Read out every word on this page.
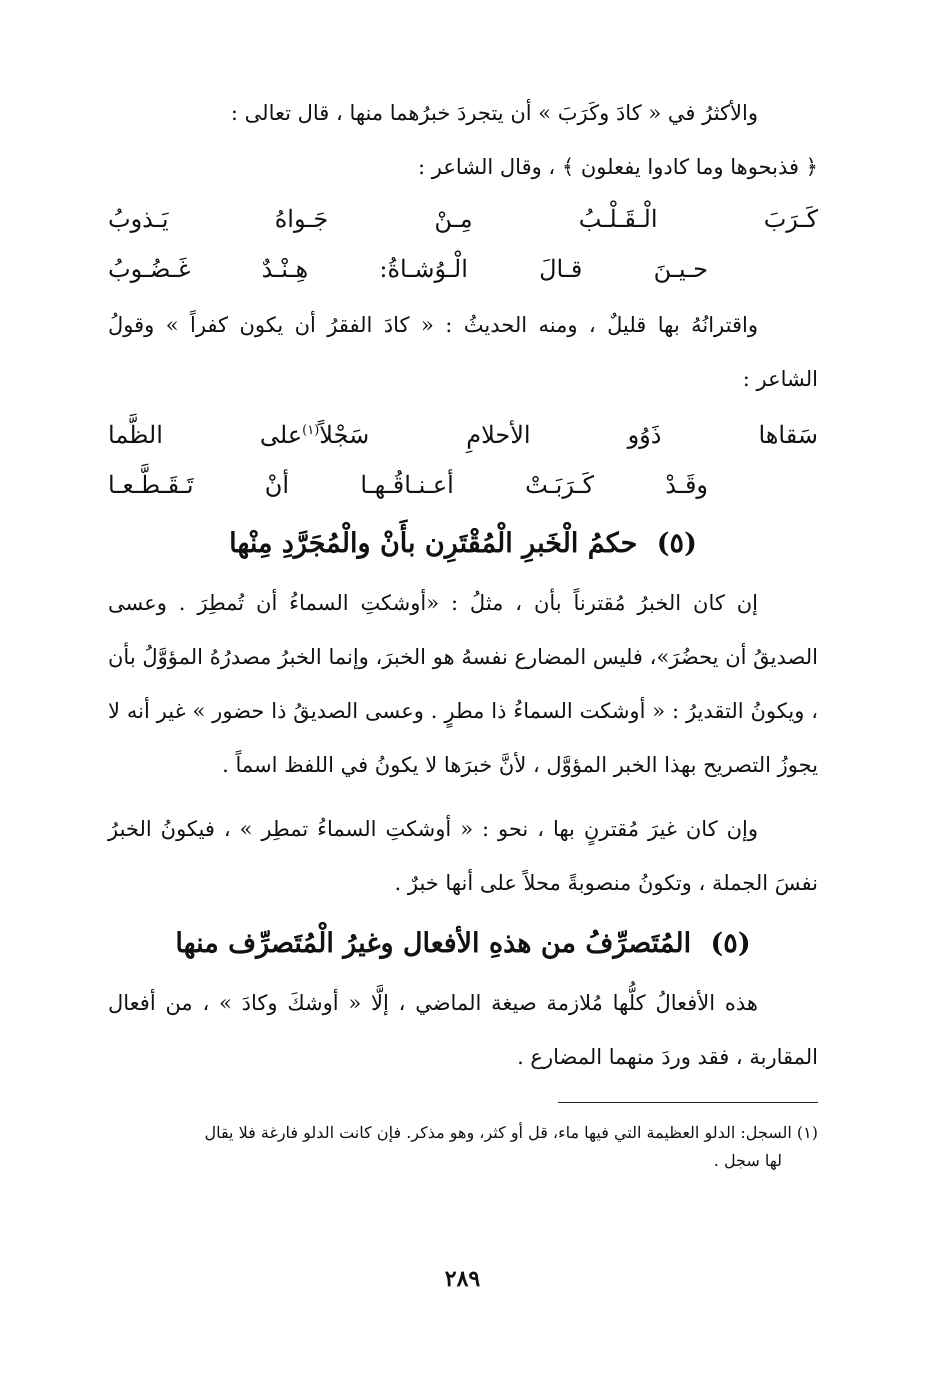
والأكثرُ في « كادَ وكَرَبَ » أن يتجردَ خبرُهما منها ، قال تعالى :
﴿ فذبحوها وما كادوا يفعلون ﴾ ، وقال الشاعر :

كَـرَبَ الْـقَـلْـبُ مِـنْ جَـواهُ يَـذوبُ

حـيـنَ قـالَ الْـوُشـاةُ: هِـنْـدٌ غَـضُـوبُ

واقترانُهُ بها قليلٌ ، ومنه الحديثُ : « كادَ الفقرُ أن يكون كفراً » وقولُ الشاعر :

سَقاها ذَوُو الأحلامِ سَجْلاً$^{(١)}$على الظَّما

وقَـدْ كَـرَبَـتْ أعـنـاقُـهـا أنْ تَـقَـطَّـعـا

(٥) حكمُ الْخَبرِ الْمُقْتَرِن بأَنْ والْمُجَرَّدِ مِنْها

إن كان الخبرُ مُقترناً بأن ، مثلُ : «أوشكتِ السماءُ أن تُمطِرَ . وعسى الصديقُ أن يحضُرَ»، فليس المضارع نفسهُ هو الخبرَ، وإنما الخبرُ مصدرُهُ المؤوَّلُ بأن ، ويكونُ التقديرُ : « أوشكت السماءُ ذا مطرٍ . وعسى الصديقُ ذا حضور » غير أنه لا يجوزُ التصريح بهذا الخبر المؤوَّل ، لأنَّ خبرَها لا يكونُ في اللفظ اسماً .

وإن كان غيرَ مُقترنٍ بها ، نحو : « أوشكتِ السماءُ تمطِر » ، فيكونُ الخبرُ نفسَ الجملة ، وتكونُ منصوبةً محلاً على أنها خبرٌ .

(٥) المُتَصرِّفُ من هذهِ الأفعال وغيرُ الْمُتَصرِّف منها

هذه الأفعالُ كلُّها مُلازمة صيغة الماضي ، إلَّا « أوشكَ وكادَ » ، من أفعال المقاربة ، فقد وردَ منهما المضارع .

(١) السجل: الدلو العظيمة التي فيها ماء، قل أو كثر، وهو مذكر. فإن كانت الدلو فارغة فلا يقال
لها سجل .

٢٨٩
